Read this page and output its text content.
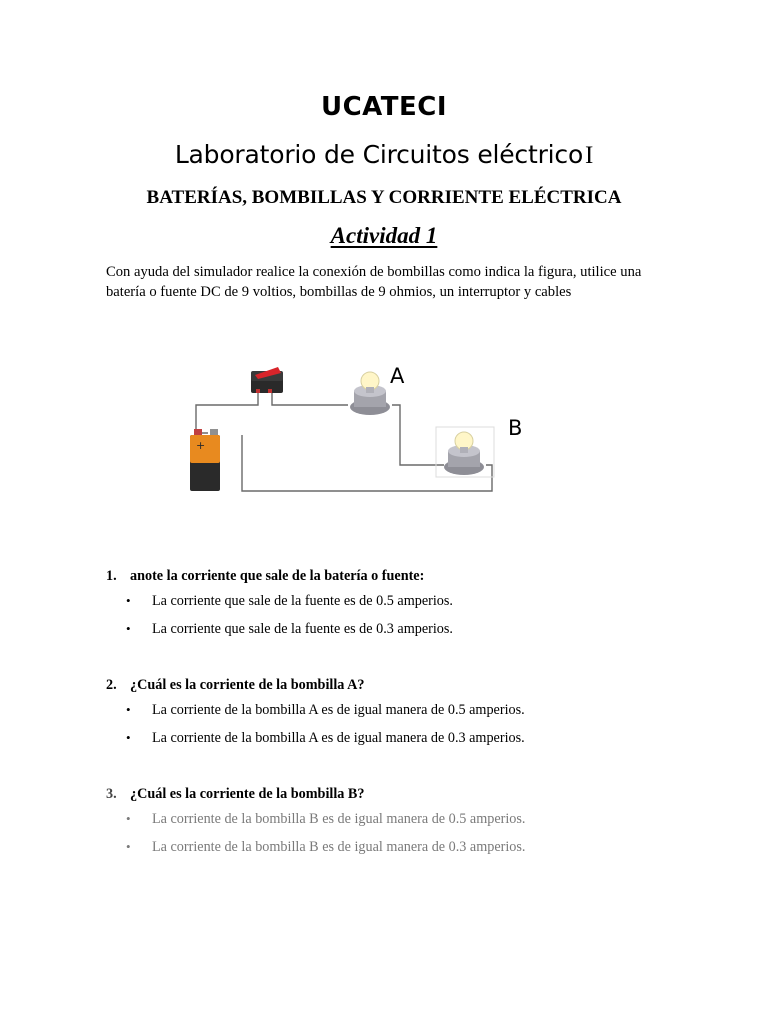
UCATECI
Laboratorio de Circuitos eléctricoI
BATERÍAS, BOMBILLAS Y CORRIENTE ELÉCTRICA
Actividad 1
Con ayuda del simulador realice la conexión de bombillas como indica la figura, utilice una batería o fuente DC de 9 voltios, bombillas de 9 ohmios, un interruptor y cables
A
B
+
1. anote la corriente que sale de la batería o fuente:
•	La corriente que sale de la fuente es de 0.5 amperios.
•	La corriente que sale de la fuente es de 0.3 amperios.
2. ¿Cuál es la corriente de la bombilla A?
•	La corriente de la bombilla A es de igual manera de 0.5 amperios.
•	La corriente de la bombilla A es de igual manera de 0.3 amperios.
3. ¿Cuál es la corriente de la bombilla B?
•	La corriente de la bombilla B es de igual manera de 0.5 amperios.
•	La corriente de la bombilla B es de igual manera de 0.3 amperios.
